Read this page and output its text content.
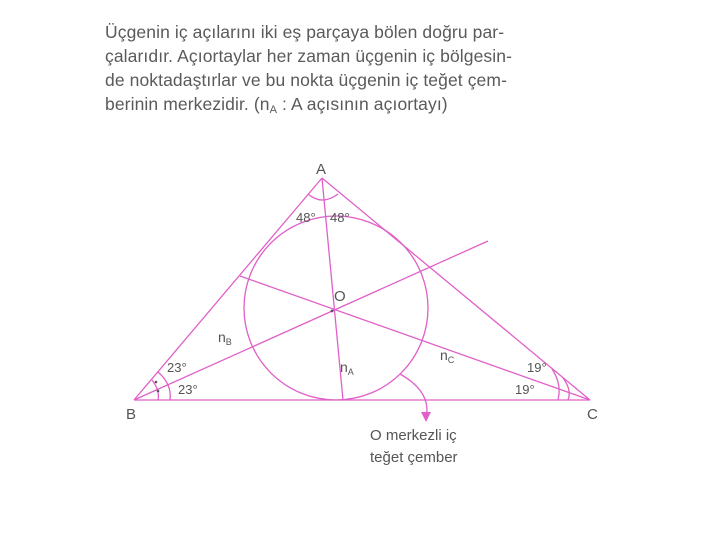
Üçgenin iç açılarını iki eş parçaya bölen doğru par-
çalarıdır. Açıortaylar her zaman üçgenin iç bölgesin-
de noktadaştırlar ve bu nokta üçgenin iç teğet çem-
berinin merkezidir. ($n_A$ : A açısının açıortayı)
A
B	C
O
48° 48°
23°
23°
19°
19°
$n_B$
$n_A$
$n_C$
O merkezli iç
teğet çember
